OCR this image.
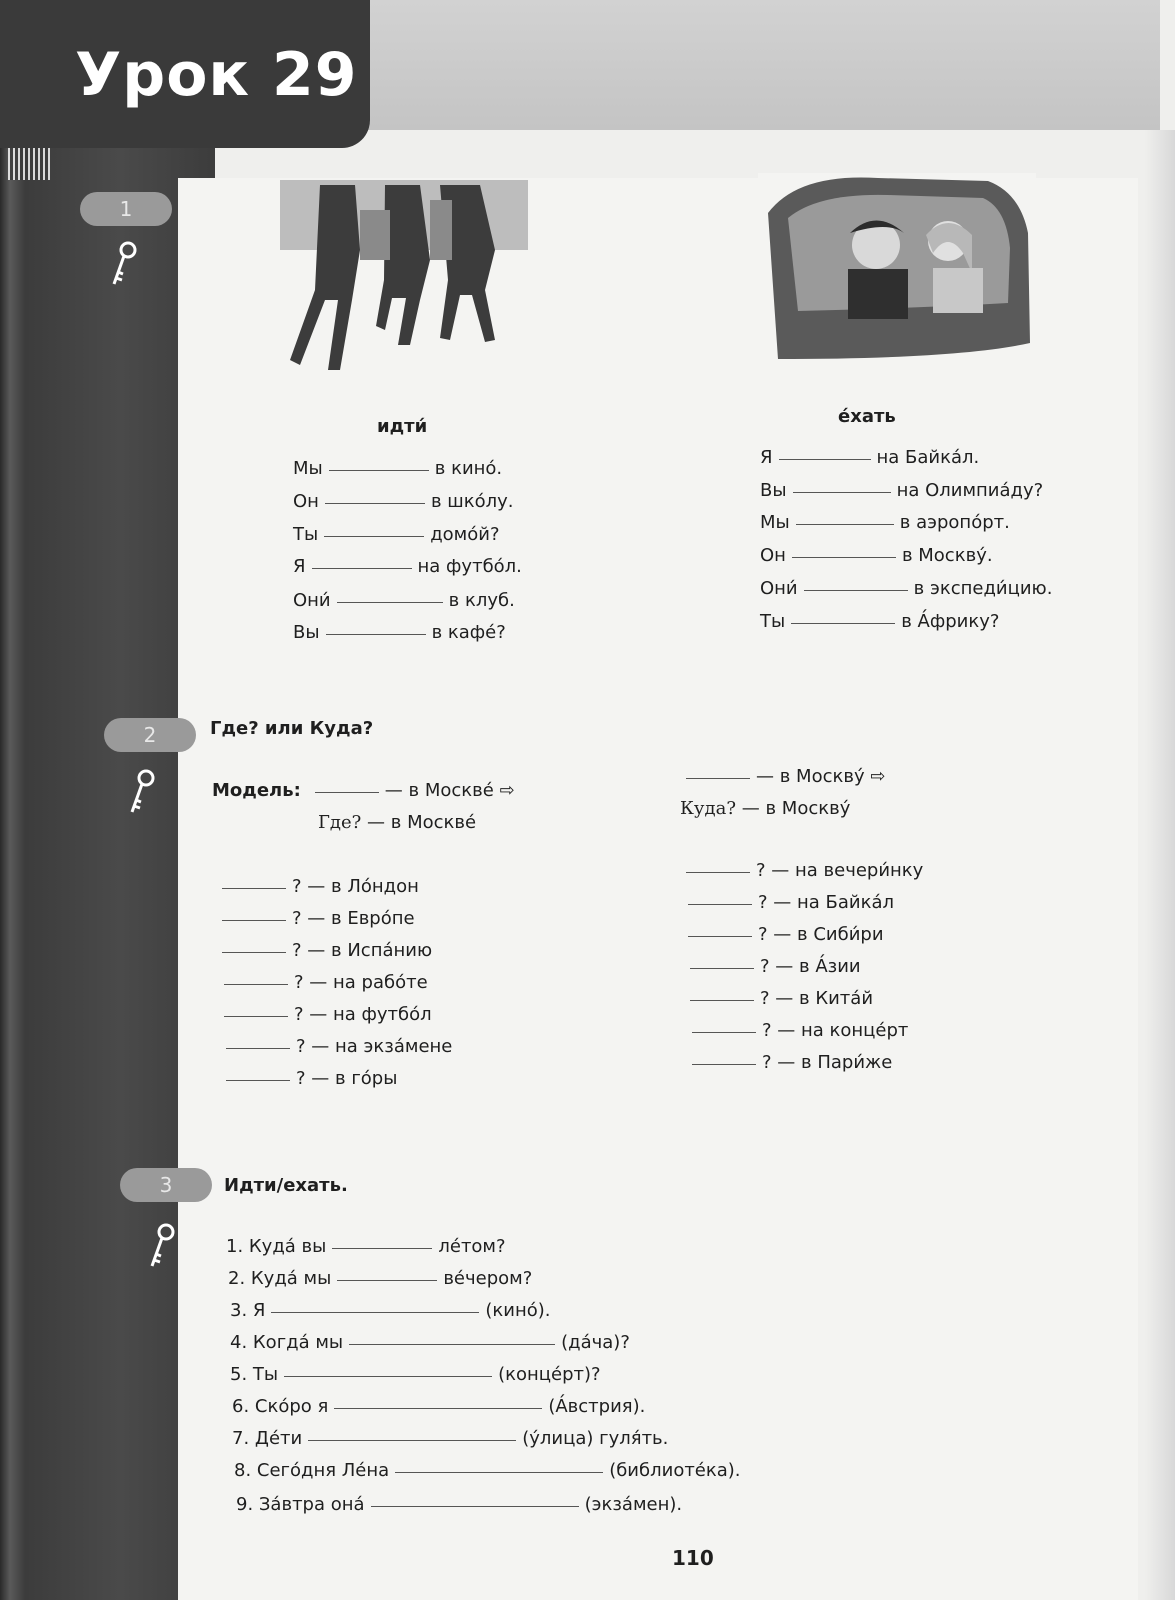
Урок 29
1
идти́
Мы	в кино́.
Он	в шко́лу.
Ты	домо́й?
Я	на футбо́л.
Они́	в клуб.
Вы	в кафе́?
е́хать
Я	на Байка́л.
Вы	на Олимпиа́ду?
Мы	в аэропо́рт.
Он	в Москву́.
Они́	в экспеди́цию.
Ты	в А́фрику?
2	Где? или Куда?
Модель:	— в Москве́ ⇨
Где?
— в Москве́
— в Москву́ ⇨
Куда?
— в Москву́
? — в Ло́ндон
? — в Евро́пе
? — в Испа́нию
? — на рабо́те
? — на футбо́л
? — на экза́мене
? — в го́ры
? — на вечери́нку
? — на Байка́л
? — в Сиби́ри
? — в А́зии
? — в Кита́й
? — на конце́рт
? — в Пари́же
3	Идти/ехать.
1. Куда́ вы	ле́том?
2. Куда́ мы	ве́чером?
3. Я	(кино́).
4. Когда́ мы	(да́ча)?
5. Ты	(конце́рт)?
6. Ско́ро я	(А́встрия).
7. Де́ти	(у́лица) гуля́ть.
8. Сего́дня Ле́на	(библиоте́ка).
9. За́втра она́	(экза́мен).
110
